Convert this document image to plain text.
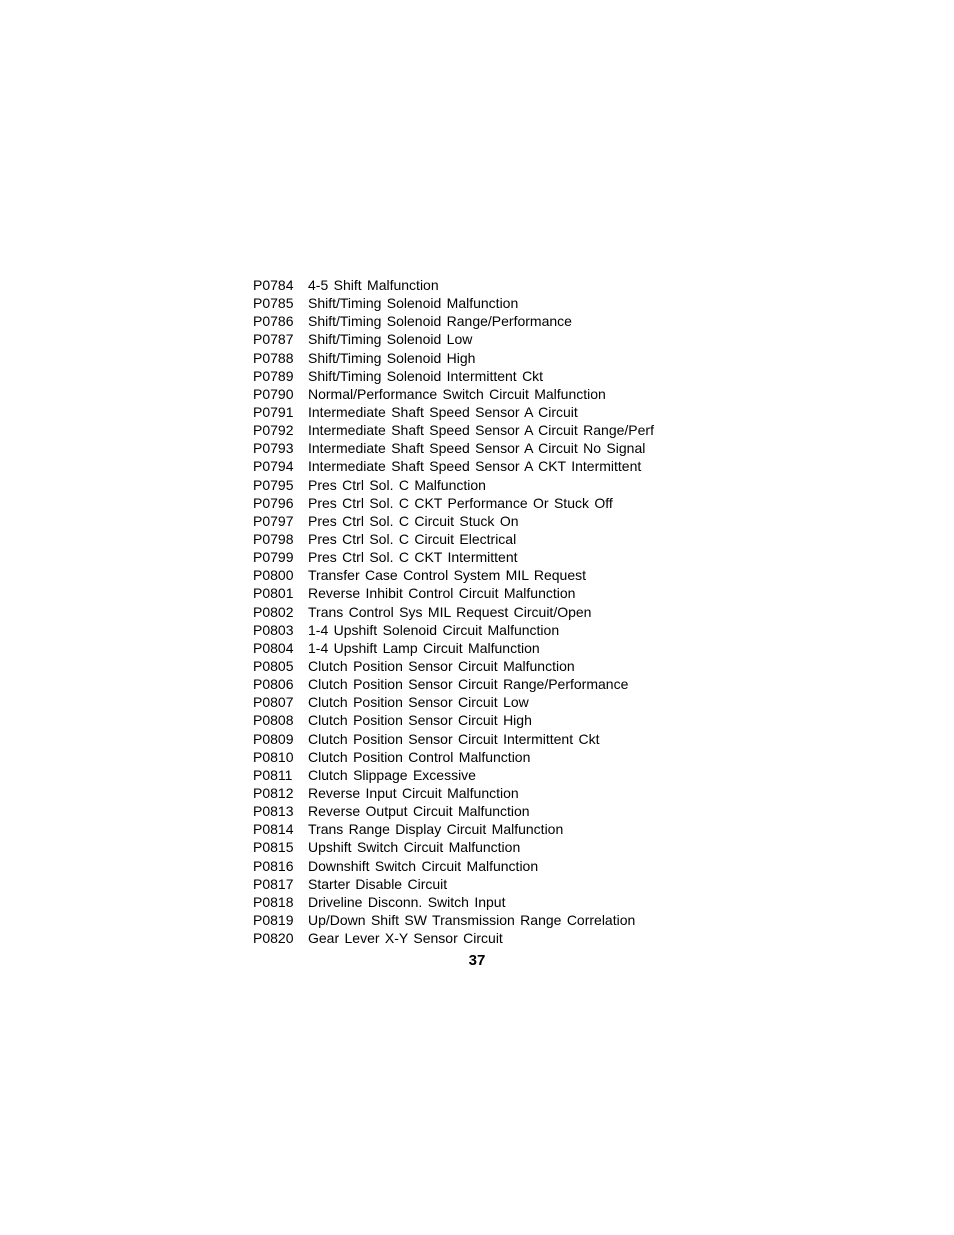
P0784	4-5 Shift Malfunction
P0785	Shift/Timing Solenoid Malfunction
P0786	Shift/Timing Solenoid Range/Performance
P0787	Shift/Timing Solenoid Low
P0788	Shift/Timing Solenoid High
P0789	Shift/Timing Solenoid Intermittent Ckt
P0790	Normal/Performance Switch Circuit Malfunction
P0791	Intermediate Shaft Speed Sensor A Circuit
P0792	Intermediate Shaft Speed Sensor A Circuit Range/Perf
P0793	Intermediate Shaft Speed Sensor A Circuit No Signal
P0794	Intermediate Shaft Speed Sensor A CKT Intermittent
P0795	Pres Ctrl Sol. C Malfunction
P0796	Pres Ctrl Sol. C CKT Performance Or Stuck Off
P0797	Pres Ctrl Sol. C Circuit Stuck On
P0798	Pres Ctrl Sol. C Circuit Electrical
P0799	Pres Ctrl Sol. C CKT Intermittent
P0800	Transfer Case Control System MIL Request
P0801	Reverse Inhibit Control Circuit Malfunction
P0802	Trans Control Sys MIL Request Circuit/Open
P0803	1-4 Upshift Solenoid Circuit Malfunction
P0804	1-4 Upshift Lamp Circuit Malfunction
P0805	Clutch Position Sensor Circuit Malfunction
P0806	Clutch Position Sensor Circuit Range/Performance
P0807	Clutch Position Sensor Circuit Low
P0808	Clutch Position Sensor Circuit High
P0809	Clutch Position Sensor Circuit Intermittent Ckt
P0810	Clutch Position Control Malfunction
P0811	Clutch Slippage Excessive
P0812	Reverse Input Circuit Malfunction
P0813	Reverse Output Circuit Malfunction
P0814	Trans Range Display Circuit Malfunction
P0815	Upshift Switch Circuit Malfunction
P0816	Downshift Switch Circuit Malfunction
P0817	Starter Disable Circuit
P0818	Driveline Disconn. Switch Input
P0819	Up/Down Shift SW Transmission Range Correlation
P0820	Gear Lever X-Y Sensor Circuit
37
